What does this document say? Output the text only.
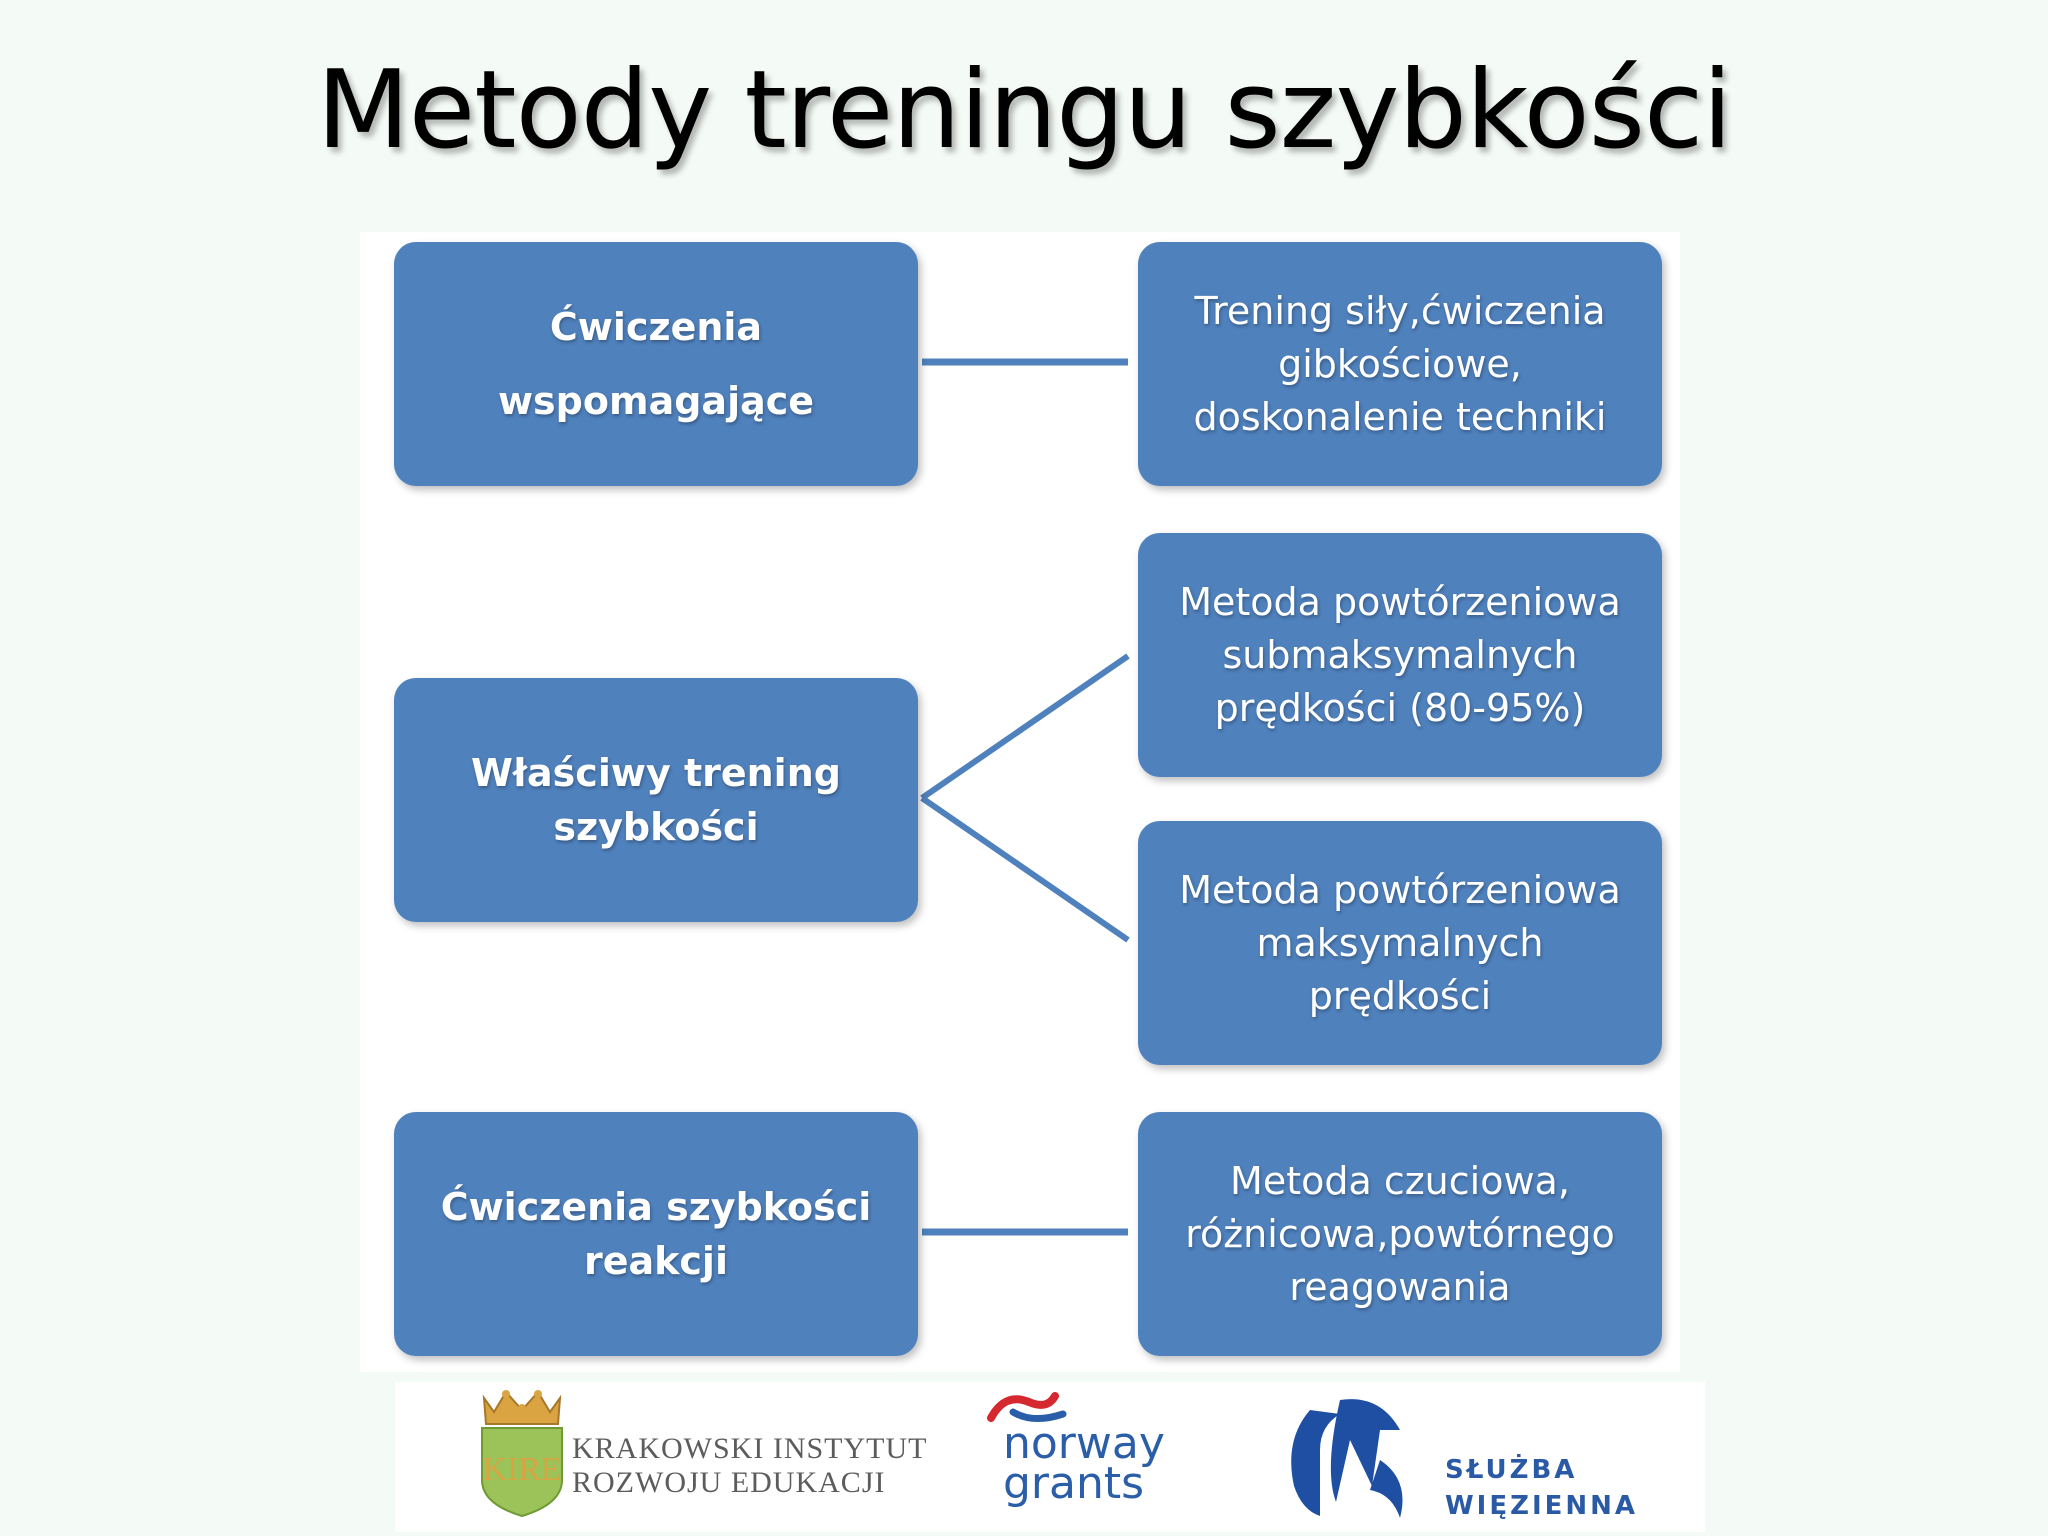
Metody treningu szybkości
Ćwiczenia
wspomagające
Właściwy trening
szybkości
Ćwiczenia szybkości
reakcji
Trening siły,ćwiczenia
gibkościowe,
doskonalenie techniki
Metoda powtórzeniowa
submaksymalnych
prędkości (80-95%)
Metoda powtórzeniowa
maksymalnych
prędkości
Metoda czuciowa,
różnicowa,powtórnego
reagowania
KIRE
KRAKOWSKI INSTYTUT
ROZWOJU EDUKACJI
norway
grants	SŁUŻBA
WIĘZIENNA
